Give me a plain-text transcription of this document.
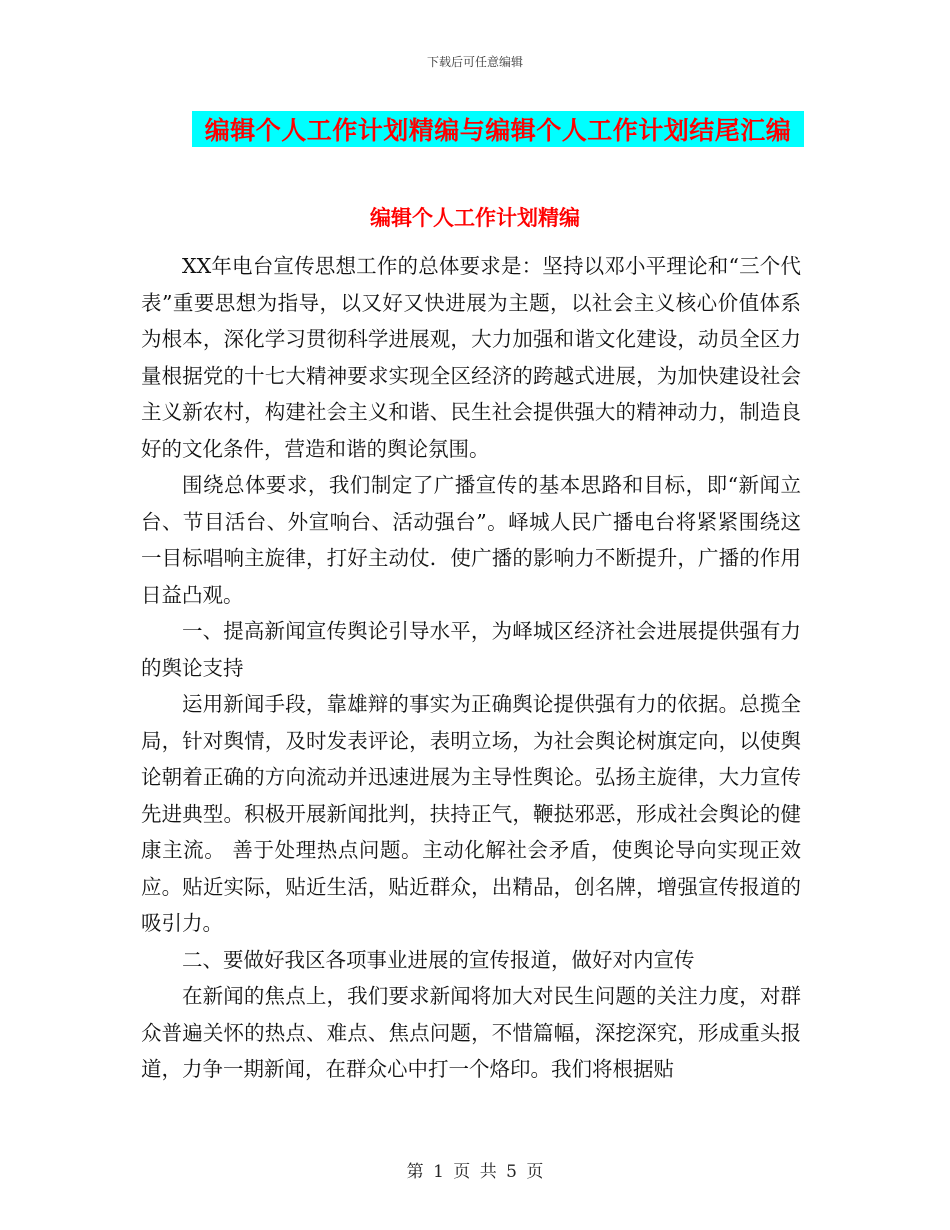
下载后可任意编辑
编辑个人工作计划精编与编辑个人工作计划结尾汇编
编辑个人工作计划精编

XX年电台宣传思想工作的总体要求是：坚持以邓小平理论和“三个代表”重要思想为指导，以又好又快进展为主题，以社会主义核心价值体系为根本，深化学习贯彻科学进展观，大力加强和谐文化建设，动员全区力量根据党的十七大精神要求实现全区经济的跨越式进展，为加快建设社会主义新农村，构建社会主义和谐、民生社会提供强大的精神动力，制造良好的文化条件，营造和谐的舆论氛围。

围绕总体要求，我们制定了广播宣传的基本思路和目标，即“新闻立台、节目活台、外宣响台、活动强台”。峄城人民广播电台将紧紧围绕这一目标唱响主旋律，打好主动仗．使广播的影响力不断提升，广播的作用日益凸观。

一、提高新闻宣传舆论引导水平，为峄城区经济社会进展提供强有力的舆论支持

运用新闻手段，靠雄辩的事实为正确舆论提供强有力的依据。总揽全局，针对舆情，及时发表评论，表明立场，为社会舆论树旗定向，以使舆论朝着正确的方向流动并迅速进展为主导性舆论。弘扬主旋律，大力宣传先进典型。积极开展新闻批判，扶持正气，鞭挞邪恶，形成社会舆论的健康主流。 善于处理热点问题。主动化解社会矛盾，使舆论导向实现正效应。贴近实际，贴近生活，贴近群众，出精品，创名牌，增强宣传报道的吸引力。

二、要做好我区各项事业进展的宣传报道，做好对内宣传

在新闻的焦点上，我们要求新闻将加大对民生问题的关注力度，对群众普遍关怀的热点、难点、焦点问题，不惜篇幅，深挖深究，形成重头报道，力争一期新闻，在群众心中打一个烙印。我们将根据贴

第 1 页 共 5 页
